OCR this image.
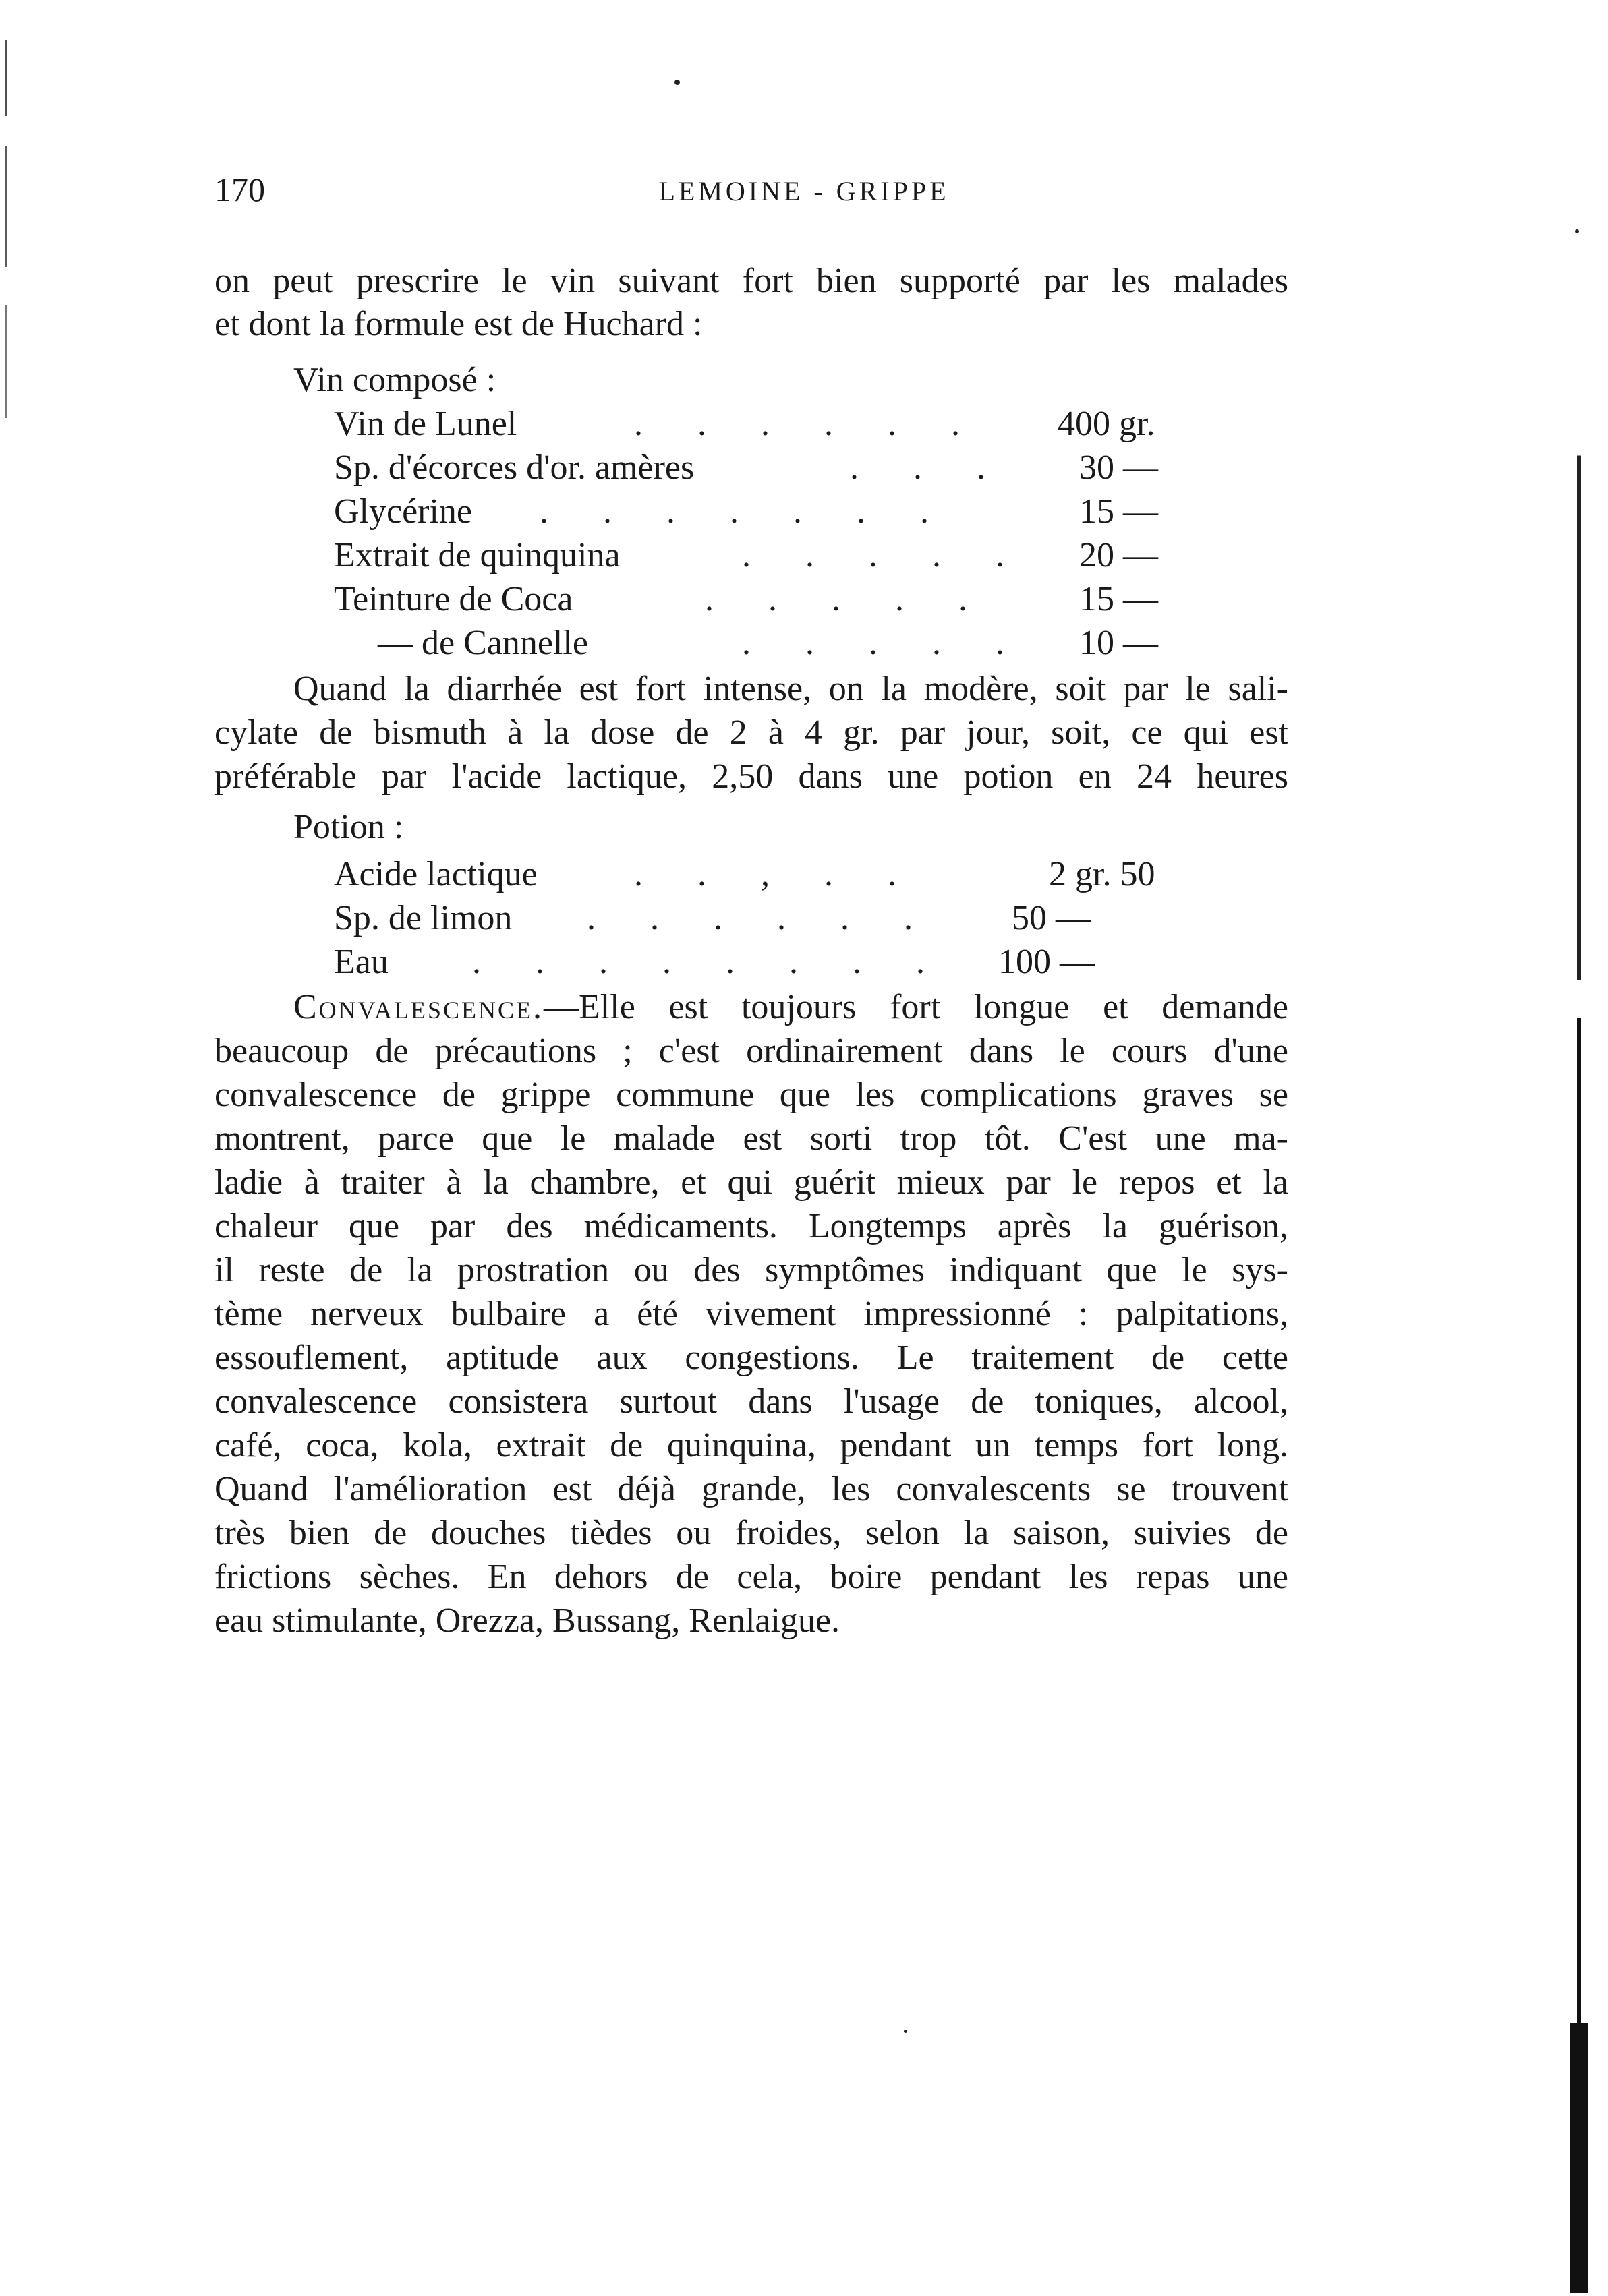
170	LEMOINE - GRIPPE
on peut prescrire le vin suivant fort bien supporté par les malades
et dont la formule est de Huchard :
Vin composé :
Vin de Lunel	. . . . . . 400 gr.
Sp. d'écorces d'or. amères	. . . 30 —
Glycérine . . . . . . .	15 —
Extrait de quinquina	. . . . . 20 —
Teinture de Coca	. . . . .	15 —
— de Cannelle	. . . . . 10 —
Quand la diarrhée est fort intense, on la modère, soit par le sali-
cylate de bismuth à la dose de 2 à 4 gr. par jour, soit, ce qui est
préférable par l'acide lactique, 2,50 dans une potion en 24 heures
Potion :
Acide lactique	. . , . .	2 gr. 50
Sp. de limon . . . . . . 50 —
Eau . . . . . . . . 100 —
Convalescence.—Elle est toujours fort longue et demande
beaucoup de précautions ; c'est ordinairement dans le cours d'une
convalescence de grippe commune que les complications graves se
montrent, parce que le malade est sorti trop tôt. C'est une ma-
ladie à traiter à la chambre, et qui guérit mieux par le repos et la
chaleur que par des médicaments. Longtemps après la guérison,
il reste de la prostration ou des symptômes indiquant que le sys-
tème nerveux bulbaire a été vivement impressionné : palpitations,
essouflement, aptitude aux congestions. Le traitement de cette
convalescence consistera surtout dans l'usage de toniques, alcool,
café, coca, kola, extrait de quinquina, pendant un temps fort long.
Quand l'amélioration est déjà grande, les convalescents se trouvent
très bien de douches tièdes ou froides, selon la saison, suivies de
frictions sèches. En dehors de cela, boire pendant les repas une
eau stimulante, Orezza, Bussang, Renlaigue.
